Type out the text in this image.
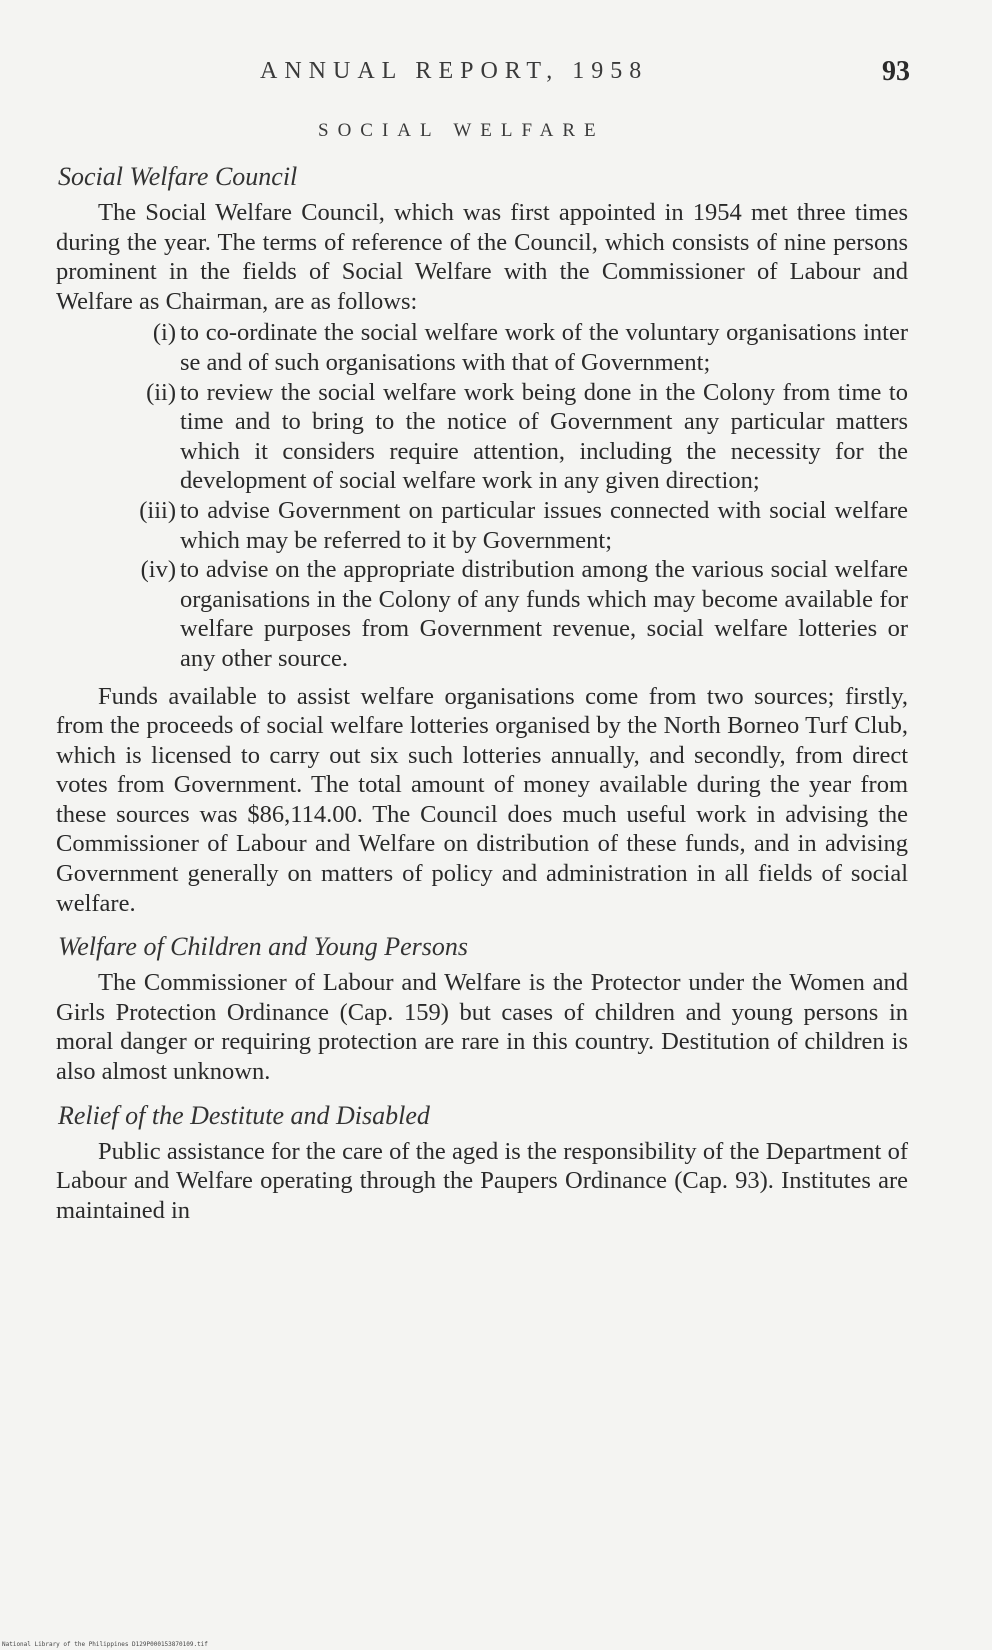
ANNUAL REPORT, 1958	93
SOCIAL WELFARE
Social Welfare Council

The Social Welfare Council, which was first appointed in 1954 met three times during the year. The terms of reference of the Council, which consists of nine persons prominent in the fields of Social Welfare with the Commissioner of Labour and Welfare as Chairman, are as follows:

(i) to co-ordinate the social welfare work of the voluntary organisations inter se and of such organisations with that of Government;

(ii) to review the social welfare work being done in the Colony from time to time and to bring to the notice of Government any particular matters which it considers require attention, including the necessity for the development of social welfare work in any given direction;

(iii) to advise Government on particular issues connected with social welfare which may be referred to it by Government;

(iv) to advise on the appropriate distribution among the various social welfare organisations in the Colony of any funds which may become available for welfare purposes from Government revenue, social welfare lotteries or any other source.

Funds available to assist welfare organisations come from two sources; firstly, from the proceeds of social welfare lotteries organised by the North Borneo Turf Club, which is licensed to carry out six such lotteries annually, and secondly, from direct votes from Government. The total amount of money available during the year from these sources was $86,114.00. The Council does much useful work in advising the Commissioner of Labour and Welfare on distribution of these funds, and in advising Government generally on matters of policy and administration in all fields of social welfare.

Welfare of Children and Young Persons

The Commissioner of Labour and Welfare is the Protector under the Women and Girls Protection Ordinance (Cap. 159) but cases of children and young persons in moral danger or requiring protection are rare in this country. Destitution of children is also almost unknown.

Relief of the Destitute and Disabled

Public assistance for the care of the aged is the responsibility of the Department of Labour and Welfare operating through the Paupers Ordinance (Cap. 93). Institutes are maintained in

National Library of the Philippines D129P000153870109.tif
